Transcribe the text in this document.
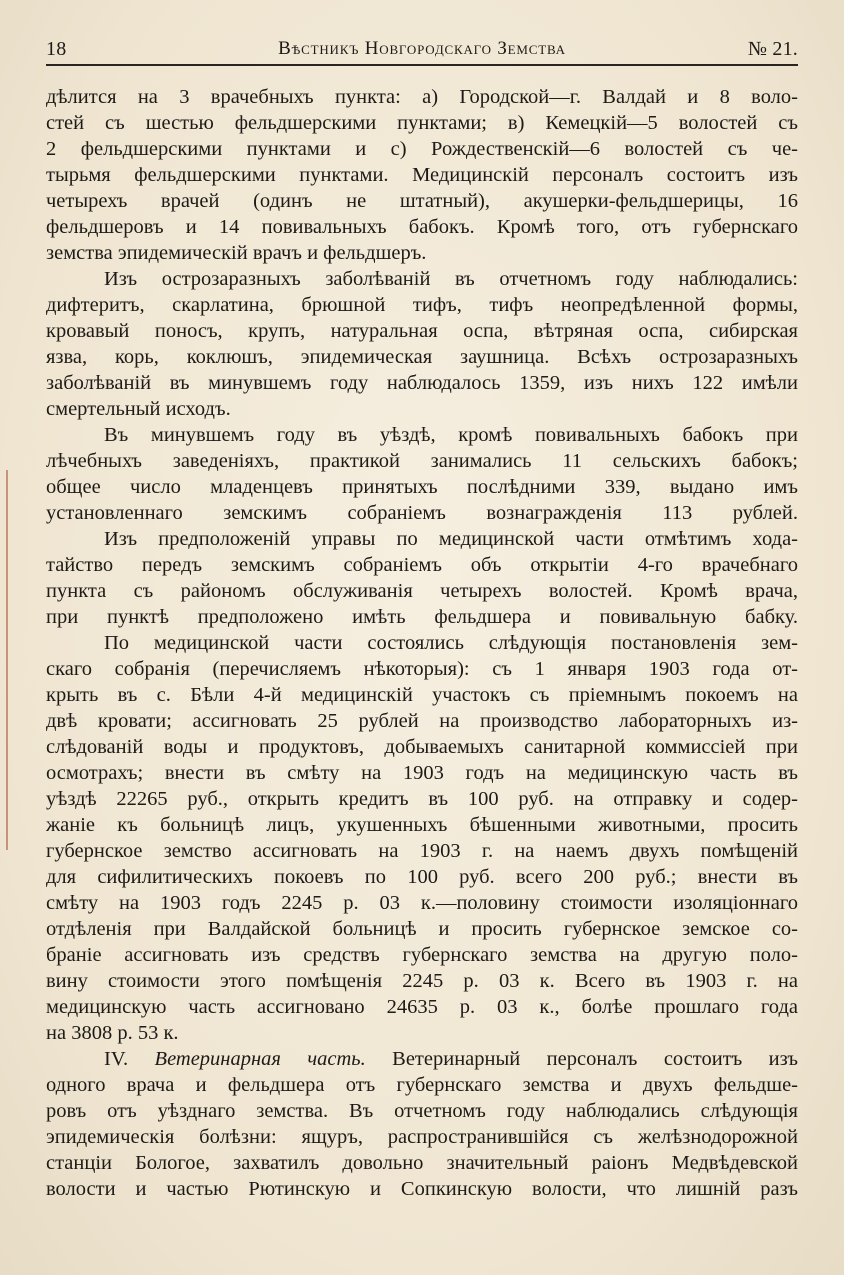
18	Вѣстникъ Новгородскаго Земства	№ 21.
дѣлится на 3 врачебныхъ пункта: а) Городской—г. Валдай и 8 воло-
стей съ шестью фельдшерскими пунктами; в) Кемецкій—5 волостей съ
2 фельдшерскими пунктами и с) Рождественскій—6 волостей съ че-
тырьмя фельдшерскими пунктами. Медицинскій персоналъ состоитъ изъ
четырехъ врачей (одинъ не штатный), акушерки-фельдшерицы, 16
фельдшеровъ и 14 повивальныхъ бабокъ. Кромѣ того, отъ губернскаго
земства эпидемическій врачъ и фельдшеръ.
Изъ острозаразныхъ заболѣваній въ отчетномъ году наблюдались:
дифтеритъ, скарлатина, брюшной тифъ, тифъ неопредѣленной формы,
кровавый поносъ, крупъ, натуральная оспа, вѣтряная оспа, сибирская
язва, корь, коклюшъ, эпидемическая заушница. Всѣхъ острозаразныхъ
заболѣваній въ минувшемъ году наблюдалось 1359, изъ нихъ 122 имѣли
смертельный исходъ.
Въ минувшемъ году въ уѣздѣ, кромѣ повивальныхъ бабокъ при
лѣчебныхъ заведеніяхъ, практикой занимались 11 сельскихъ бабокъ;
общее число младенцевъ принятыхъ послѣдними 339, выдано имъ
установленнаго земскимъ собраніемъ вознагражденія 113 рублей.
Изъ предположеній управы по медицинской части отмѣтимъ хода-
тайство передъ земскимъ собраніемъ объ открытіи 4-го врачебнаго
пункта съ райономъ обслуживанія четырехъ волостей. Кромѣ врача,
при пунктѣ предположено имѣть фельдшера и повивальную бабку.
По медицинской части состоялись слѣдующія постановленія зем-
скаго собранія (перечисляемъ нѣкоторыя): съ 1 января 1903 года от-
крыть въ с. Бѣли 4-й медицинскій участокъ съ пріемнымъ покоемъ на
двѣ кровати; ассигновать 25 рублей на производство лабораторныхъ из-
слѣдованій воды и продуктовъ, добываемыхъ санитарной коммиссіей при
осмотрахъ; внести въ смѣту на 1903 годъ на медицинскую часть въ
уѣздѣ 22265 руб., открыть кредитъ въ 100 руб. на отправку и содер-
жаніе къ больницѣ лицъ, укушенныхъ бѣшенными животными, просить
губернское земство ассигновать на 1903 г. на наемъ двухъ помѣщеній
для сифилитическихъ покоевъ по 100 руб. всего 200 руб.; внести въ
смѣту на 1903 годъ 2245 р. 03 к.—половину стоимости изоляціоннаго
отдѣленія при Валдайской больницѣ и просить губернское земское со-
браніе ассигновать изъ средствъ губернскаго земства на другую поло-
вину стоимости этого помѣщенія 2245 р. 03 к. Всего въ 1903 г. на
медицинскую часть ассигновано 24635 р. 03 к., болѣе прошлаго года
на 3808 р. 53 к.
IV. Ветеринарная часть. Ветеринарный персоналъ состоитъ изъ
одного врача и фельдшера отъ губернскаго земства и двухъ фельдше-
ровъ отъ уѣзднаго земства. Въ отчетномъ году наблюдались слѣдующія
эпидемическія болѣзни: ящуръ, распространившійся съ желѣзнодорожной
станціи Бологое, захватилъ довольно значительный раіонъ Медвѣдевской
волости и частью Рютинскую и Сопкинскую волости, что лишній разъ
